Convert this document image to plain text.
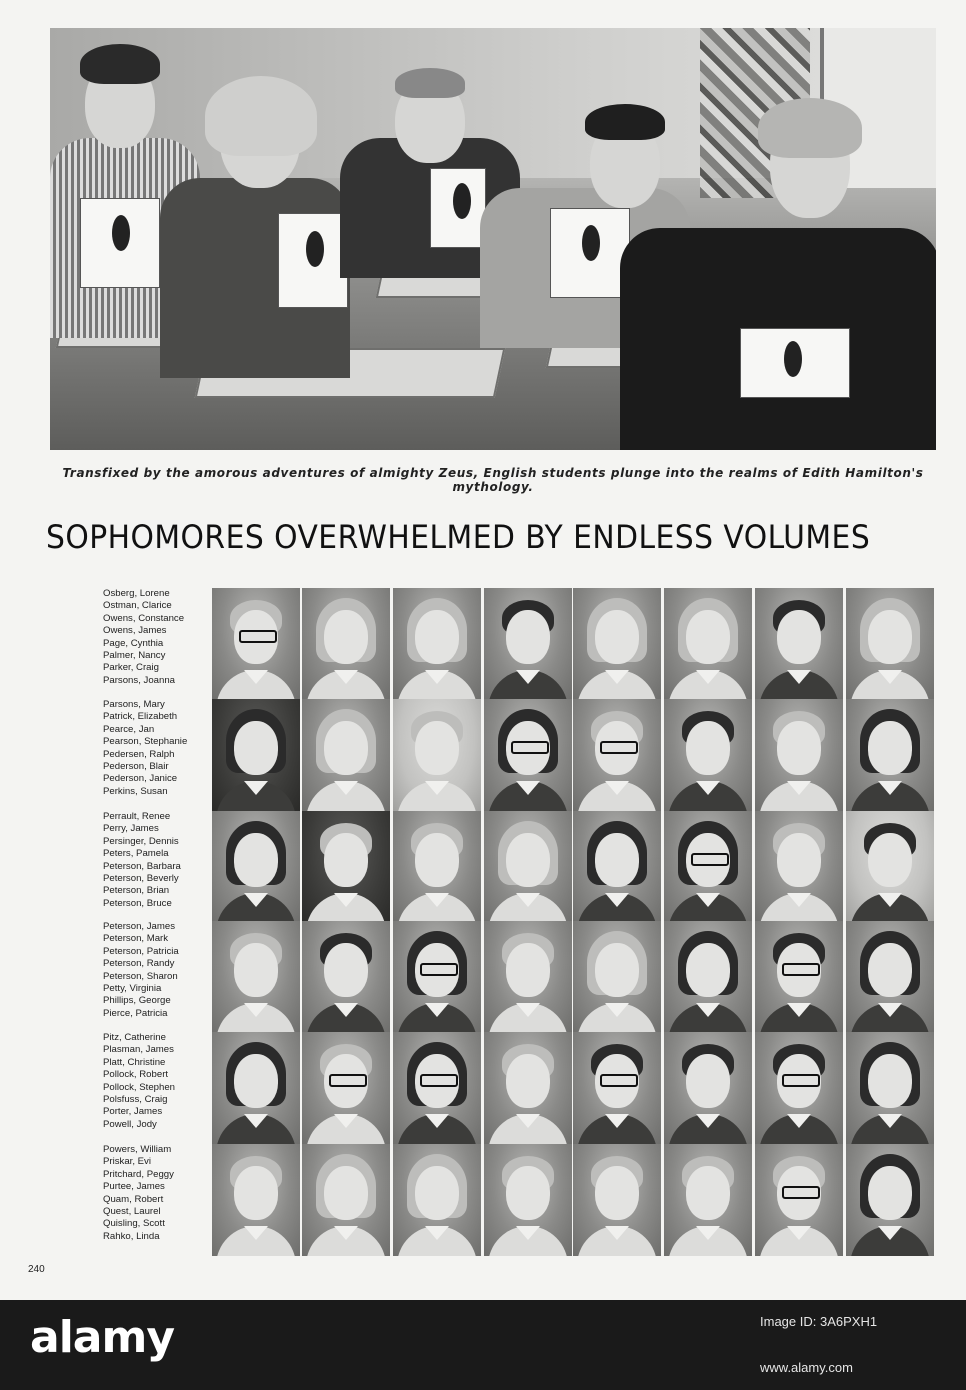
Transfixed by the amorous adventures of almighty Zeus, English students plunge into the realms of Edith Hamilton's mythology.
SOPHOMORES OVERWHELMED BY ENDLESS VOLUMES
Osberg, Lorene
Ostman, Clarice
Owens, Constance
Owens, James
Page, Cynthia
Palmer, Nancy
Parker, Craig
Parsons, Joanna
Parsons, Mary
Patrick, Elizabeth
Pearce, Jan
Pearson, Stephanie
Pedersen, Ralph
Pederson, Blair
Pederson, Janice
Perkins, Susan
Perrault, Renee
Perry, James
Persinger, Dennis
Peters, Pamela
Peterson, Barbara
Peterson, Beverly
Peterson, Brian
Peterson, Bruce
Peterson, James
Peterson, Mark
Peterson, Patricia
Peterson, Randy
Peterson, Sharon
Petty, Virginia
Phillips, George
Pierce, Patricia
Pitz, Catherine
Plasman, James
Platt, Christine
Pollock, Robert
Pollock, Stephen
Polsfuss, Craig
Porter, James
Powell, Jody
Powers, William
Priskar, Evi
Pritchard, Peggy
Purtee, James
Quam, Robert
Quest, Laurel
Quisling, Scott
Rahko, Linda
240
alamy	Image ID: 3A6PXH1
www.alamy.com
